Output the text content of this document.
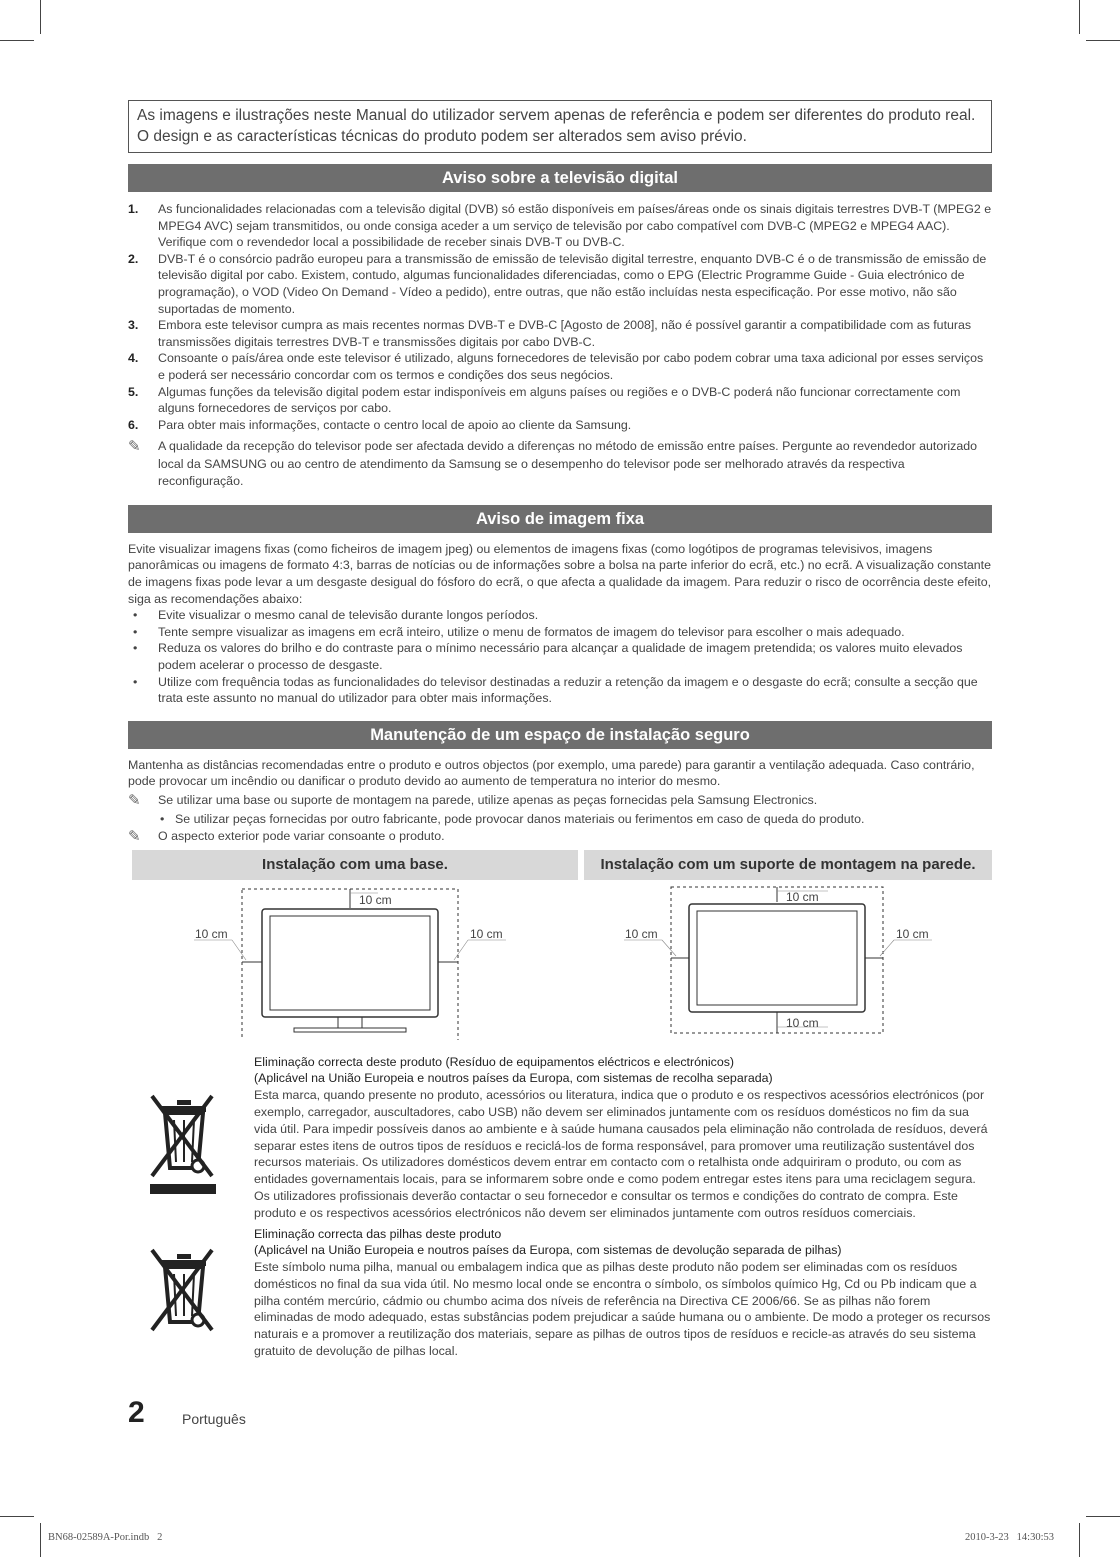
As imagens e ilustrações neste Manual do utilizador servem apenas de referência e podem ser diferentes do produto real. O design e as características técnicas do produto podem ser alterados sem aviso prévio.
Aviso sobre a televisão digital
1. As funcionalidades relacionadas com a televisão digital (DVB) só estão disponíveis em países/áreas onde os sinais digitais terrestres DVB-T (MPEG2 e MPEG4 AVC) sejam transmitidos, ou onde consiga aceder a um serviço de televisão por cabo compatível com DVB-C (MPEG2 e MPEG4 AAC). Verifique com o revendedor local a possibilidade de receber sinais DVB-T ou DVB-C.
2. DVB-T é o consórcio padrão europeu para a transmissão de emissão de televisão digital terrestre, enquanto DVB-C é o de transmissão de emissão de televisão digital por cabo. Existem, contudo, algumas funcionalidades diferenciadas, como o EPG (Electric Programme Guide - Guia electrónico de programação), o VOD (Video On Demand - Vídeo a pedido), entre outras, que não estão incluídas nesta especificação. Por esse motivo, não são suportadas de momento.
3. Embora este televisor cumpra as mais recentes normas DVB-T e DVB-C [Agosto de 2008], não é possível garantir a compatibilidade com as futuras transmissões digitais terrestres DVB-T e transmissões digitais por cabo DVB-C.
4. Consoante o país/área onde este televisor é utilizado, alguns fornecedores de televisão por cabo podem cobrar uma taxa adicional por esses serviços e poderá ser necessário concordar com os termos e condições dos seus negócios.
5. Algumas funções da televisão digital podem estar indisponíveis em alguns países ou regiões e o DVB-C poderá não funcionar correctamente com alguns fornecedores de serviços por cabo.
6. Para obter mais informações, contacte o centro local de apoio ao cliente da Samsung.
✎ A qualidade da recepção do televisor pode ser afectada devido a diferenças no método de emissão entre países. Pergunte ao revendedor autorizado local da SAMSUNG ou ao centro de atendimento da Samsung se o desempenho do televisor pode ser melhorado através da respectiva reconfiguração.
Aviso de imagem fixa
Evite visualizar imagens fixas (como ficheiros de imagem jpeg) ou elementos de imagens fixas (como logótipos de programas televisivos, imagens panorâmicas ou imagens de formato 4:3, barras de notícias ou de informações sobre a bolsa na parte inferior do ecrã, etc.) no ecrã. A visualização constante de imagens fixas pode levar a um desgaste desigual do fósforo do ecrã, o que afecta a qualidade da imagem. Para reduzir o risco de ocorrência deste efeito, siga as recomendações abaixo:
• Evite visualizar o mesmo canal de televisão durante longos períodos.
• Tente sempre visualizar as imagens em ecrã inteiro, utilize o menu de formatos de imagem do televisor para escolher o mais adequado.
• Reduza os valores do brilho e do contraste para o mínimo necessário para alcançar a qualidade de imagem pretendida; os valores muito elevados podem acelerar o processo de desgaste.
• Utilize com frequência todas as funcionalidades do televisor destinadas a reduzir a retenção da imagem e o desgaste do ecrã; consulte a secção que trata este assunto no manual do utilizador para obter mais informações.
Manutenção de um espaço de instalação seguro
Mantenha as distâncias recomendadas entre o produto e outros objectos (por exemplo, uma parede) para garantir a ventilação adequada. Caso contrário, pode provocar um incêndio ou danificar o produto devido ao aumento de temperatura no interior do mesmo.
✎ Se utilizar uma base ou suporte de montagem na parede, utilize apenas as peças fornecidas pela Samsung Electronics.
• Se utilizar peças fornecidas por outro fabricante, pode provocar danos materiais ou ferimentos em caso de queda do produto.
✎ O aspecto exterior pode variar consoante o produto.
Instalação com uma base.	Instalação com um suporte de montagem na parede.
10 cm
10 cm	10 cm
10 cm
10 cm	10 cm
10 cm
Eliminação correcta deste produto (Resíduo de equipamentos eléctricos e electrónicos)
(Aplicável na União Europeia e noutros países da Europa, com sistemas de recolha separada)
Esta marca, quando presente no produto, acessórios ou literatura, indica que o produto e os respectivos acessórios electrónicos (por exemplo, carregador, auscultadores, cabo USB) não devem ser eliminados juntamente com os resíduos domésticos no fim da sua vida útil. Para impedir possíveis danos ao ambiente e à saúde humana causados pela eliminação não controlada de resíduos, deverá separar estes itens de outros tipos de resíduos e reciclá-los de forma responsável, para promover uma reutilização sustentável dos recursos materiais. Os utilizadores domésticos devem entrar em contacto com o retalhista onde adquiriram o produto, ou com as entidades governamentais locais, para se informarem sobre onde e como podem entregar estes itens para uma reciclagem segura. Os utilizadores profissionais deverão contactar o seu fornecedor e consultar os termos e condições do contrato de compra. Este produto e os respectivos acessórios electrónicos não devem ser eliminados juntamente com outros resíduos comerciais.
Eliminação correcta das pilhas deste produto
(Aplicável na União Europeia e noutros países da Europa, com sistemas de devolução separada de pilhas)
Este símbolo numa pilha, manual ou embalagem indica que as pilhas deste produto não podem ser eliminadas com os resíduos domésticos no final da sua vida útil. No mesmo local onde se encontra o símbolo, os símbolos químico Hg, Cd ou Pb indicam que a pilha contém mercúrio, cádmio ou chumbo acima dos níveis de referência na Directiva CE 2006/66. Se as pilhas não forem eliminadas de modo adequado, estas substâncias podem prejudicar a saúde humana ou o ambiente. De modo a proteger os recursos naturais e a promover a reutilização dos materiais, separe as pilhas de outros tipos de resíduos e recicle-as através do seu sistema gratuito de devolução de pilhas local.
2	Português
BN68-02589A-Por.indb   2	2010-3-23   14:30:53
